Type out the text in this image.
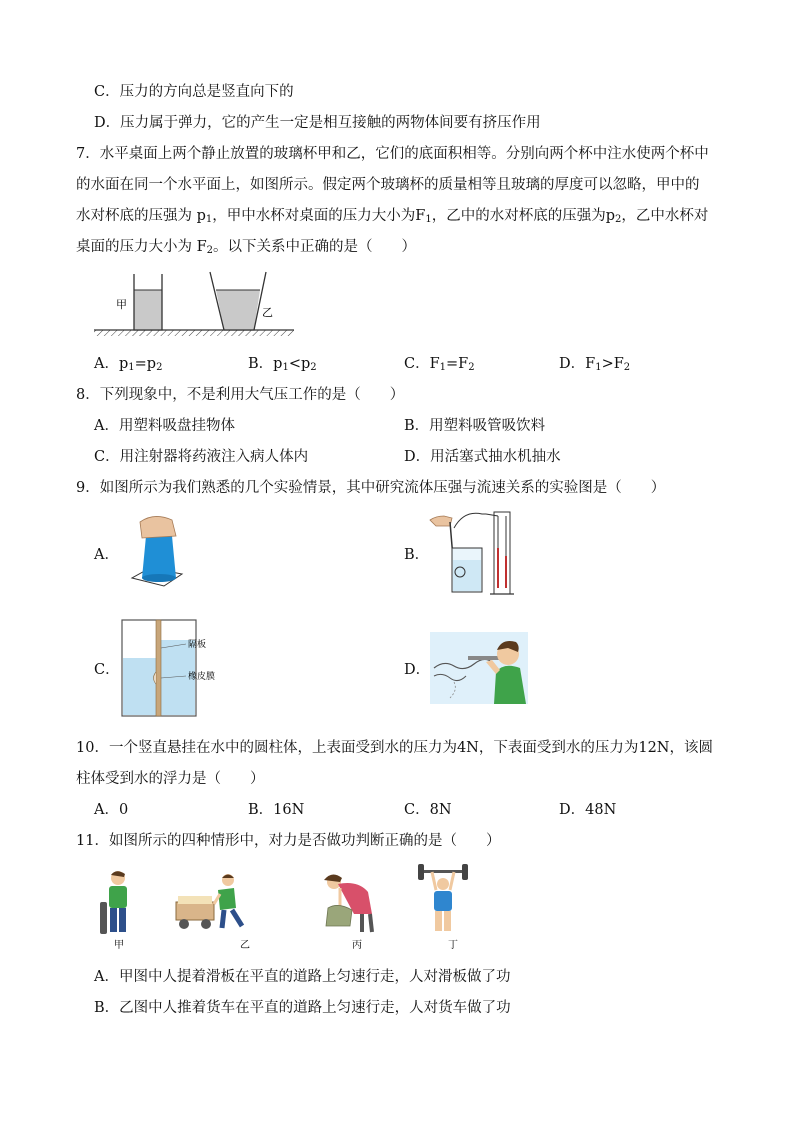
C．压力的方向总是竖直向下的
D．压力属于弹力，它的产生一定是相互接触的两物体间要有挤压作用
7．水平桌面上两个静止放置的玻璃杯甲和乙，它们的底面积相等。分别向两个杯中注水使两个杯中
的水面在同一个水平面上，如图所示。假定两个玻璃杯的质量相等且玻璃的厚度可以忽略，甲中的
水对杯底的压强为 $p_1$，甲中水杯对桌面的压力大小为$F_1$，乙中的水对杯底的压强为$p_2$，乙中水杯对
桌面的压力大小为 $F_2$。以下关系中正确的是（　　）
甲
乙
A．$p_1=p_2$	B．$p_1<p_2$	C．$F_1=F_2$	D．$F_1>F_2$
8．下列现象中，不是利用大气压工作的是（　　）
A．用塑料吸盘挂物体	B．用塑料吸管吸饮料
C．用注射器将药液注入病人体内	D．用活塞式抽水机抽水
9．如图所示为我们熟悉的几个实验情景，其中研究流体压强与流速关系的实验图是（　　）
A．	B．
C．
隔板
橡皮膜	D．
10．一个竖直悬挂在水中的圆柱体，上表面受到水的压力为4N，下表面受到水的压力为12N，该圆
柱体受到水的浮力是（　　）
A．0	B．16N	C．8N	D．48N
11．如图所示的四种情形中，对力是否做功判断正确的是（　　）
甲	乙	丙	丁
A．甲图中人提着滑板在平直的道路上匀速行走，人对滑板做了功
B．乙图中人推着货车在平直的道路上匀速行走，人对货车做了功
